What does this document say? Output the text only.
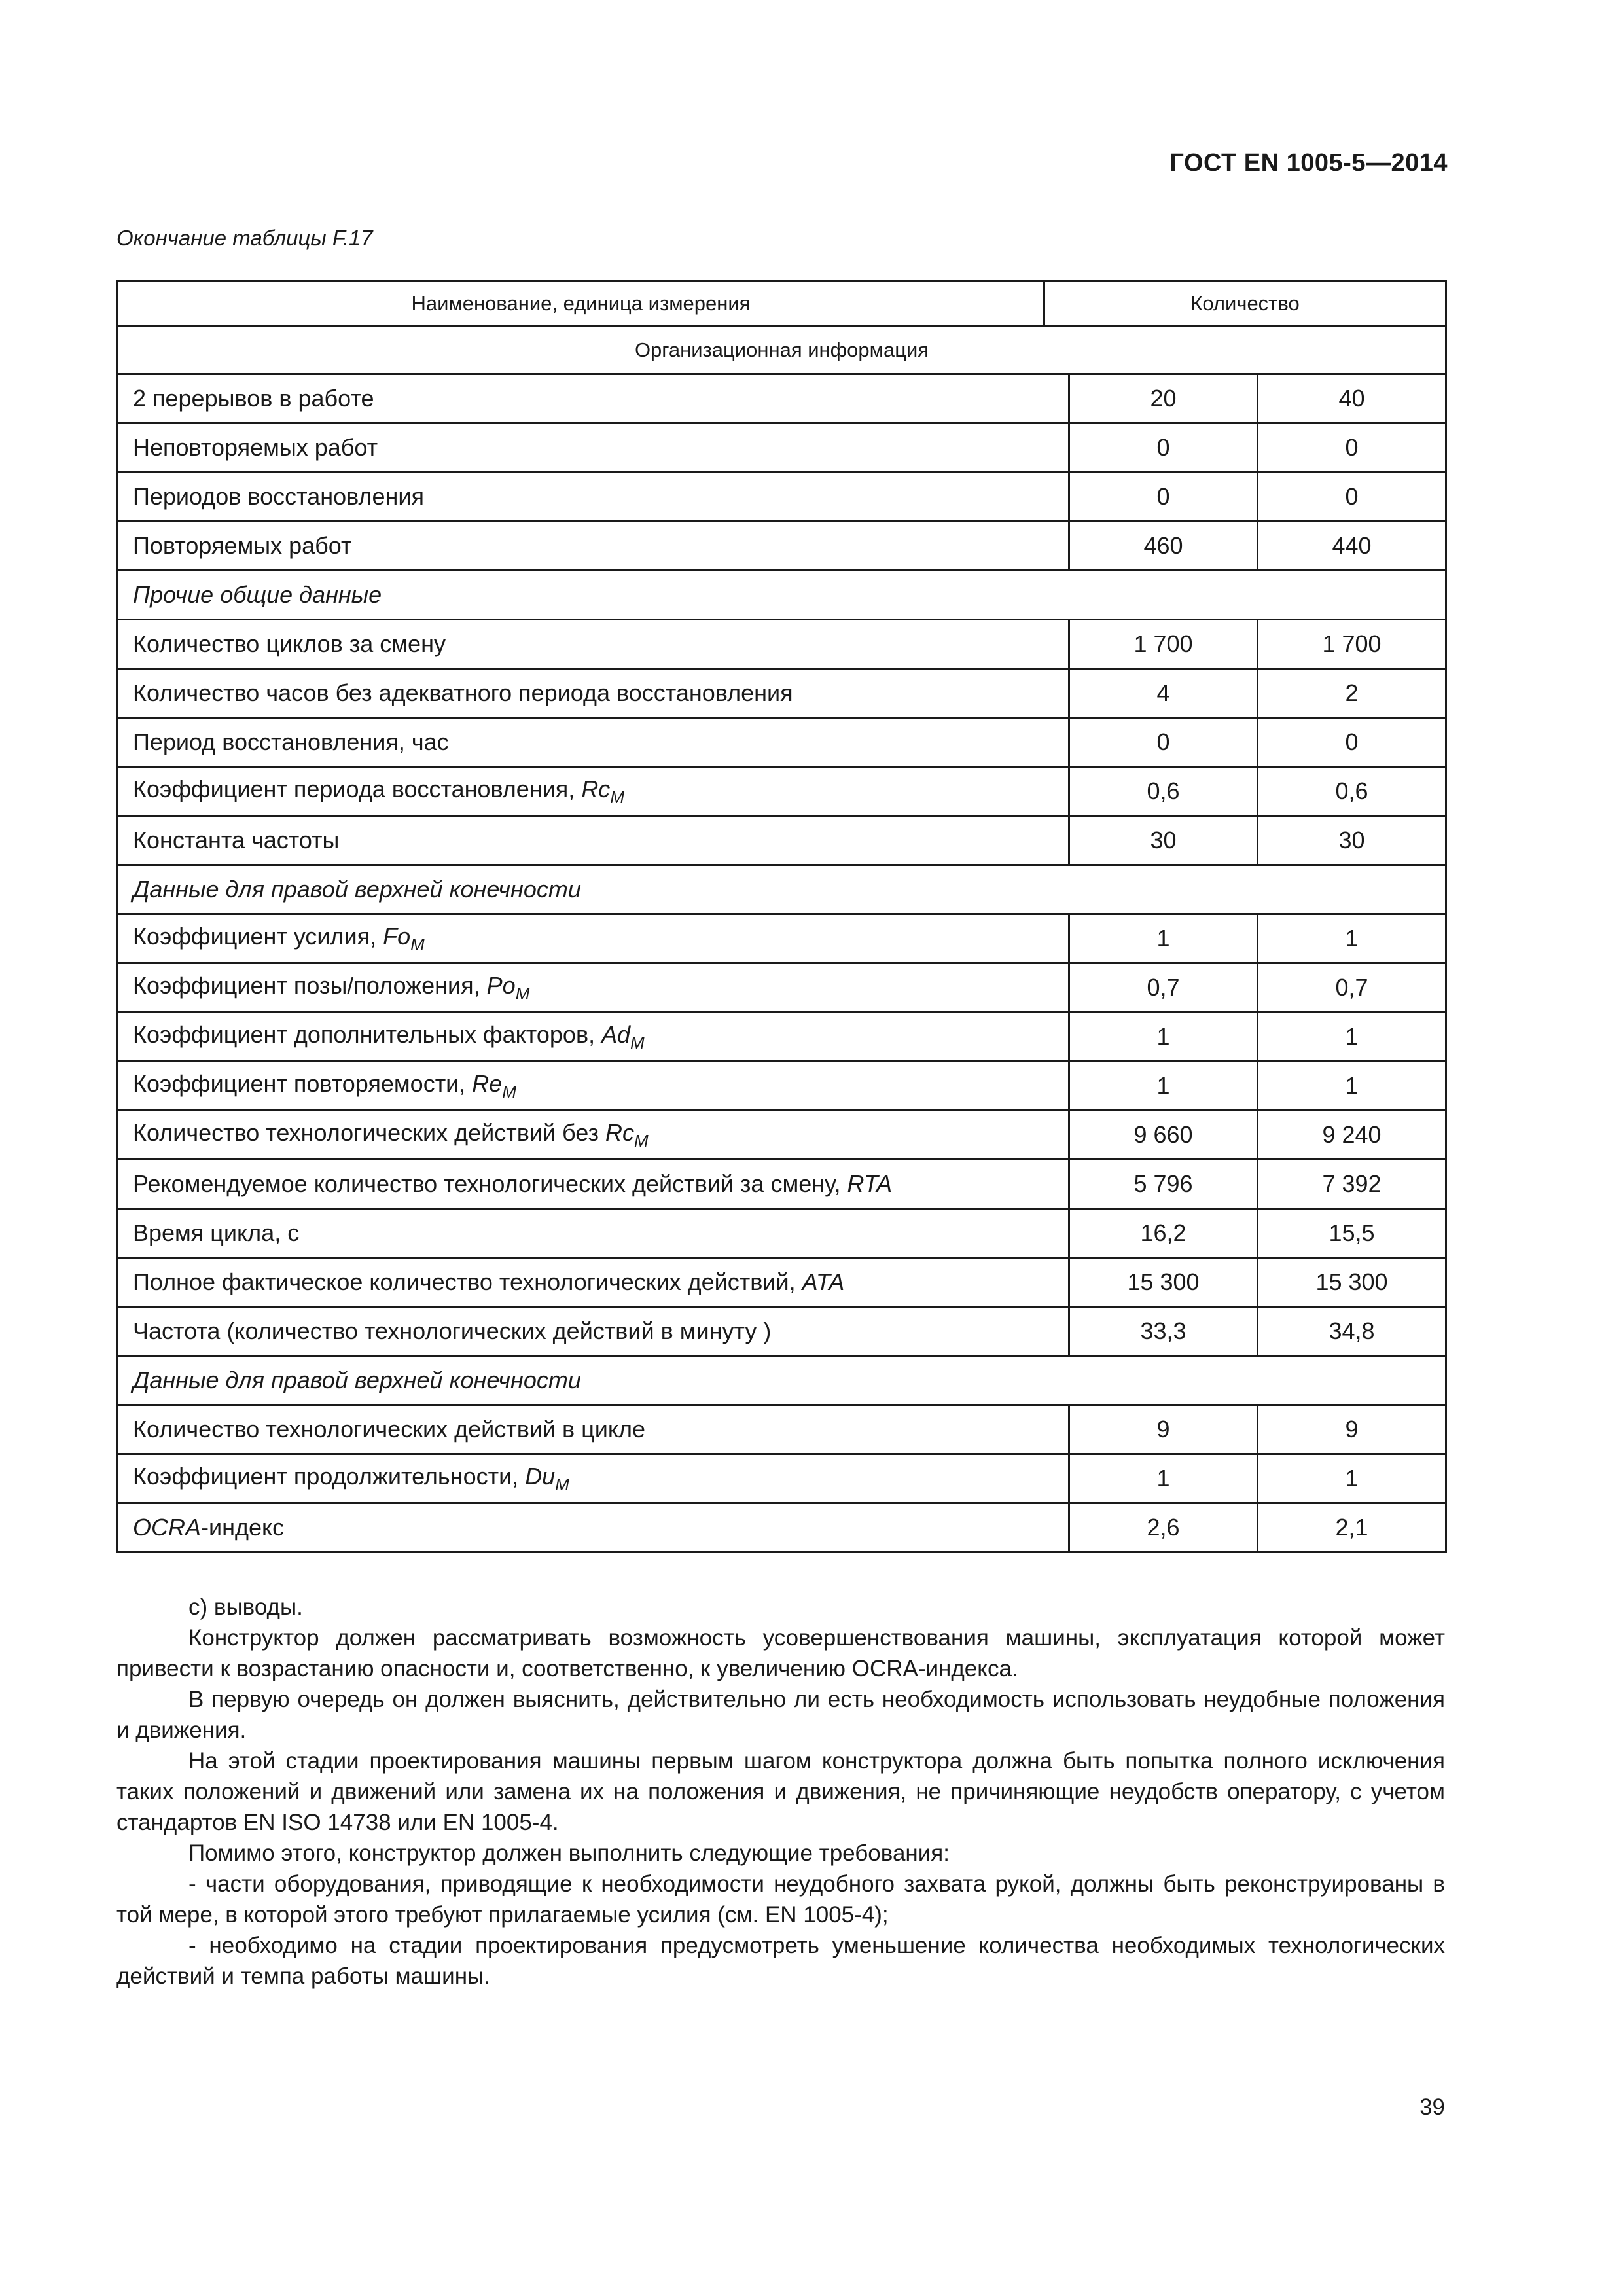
ГОСТ EN 1005-5—2014
Окончание таблицы F.17
Наименование, единица измерения	Количество		
Организационная информация			
2 перерывов в работе		20	40
Неповторяемых работ		0	0
Периодов восстановления		0	0
Повторяемых работ		460	440
Прочие общие данные			
Количество циклов за смену		1 700	1 700
Количество часов без адекватного периода восстановления		4	2
Период восстановления, час		0	0
Коэффициент периода восстановления, $Rc_M$		0,6	0,6
Константа частоты		30	30
Данные для правой верхней конечности			
Коэффициент усилия, $Fo_M$		1	1
Коэффициент позы/положения, $Po_M$		0,7	0,7
Коэффициент дополнительных факторов, $Ad_M$		1	1
Коэффициент повторяемости, $Re_M$		1	1
Количество технологических действий без $Rc_M$		9 660	9 240
Рекомендуемое количество технологических действий за смену, RTA		5 796	7 392
Время цикла, с		16,2	15,5
Полное фактическое количество технологических действий, ATA		15 300	15 300
Частота (количество технологических действий в минуту )		33,3	34,8
Данные для правой верхней конечности			
Количество технологических действий в цикле		9	9
Коэффициент продолжительности, $Du_M$		1	1
OCRA-индекс		2,6	2,1

c) выводы.

Конструктор должен рассматривать возможность усовершенствования машины, эксплуатация которой может привести к возрастанию опасности и, соответственно, к увеличению OCRA-индекса.

В первую очередь он должен выяснить, действительно ли есть необходимость использовать неудобные положения и движения.

На этой стадии проектирования машины первым шагом конструктора должна быть попытка полного исключения таких положений и движений или замена их на положения и движения, не причиняющие неудобств оператору, с учетом стандартов EN ISO 14738 или EN 1005-4.

Помимо этого, конструктор должен выполнить следующие требования:

- части оборудования, приводящие к необходимости неудобного захвата рукой, должны быть реконструированы в той мере, в которой этого требуют прилагаемые усилия (см. EN 1005-4);

- необходимо на стадии проектирования предусмотреть уменьшение количества необходимых технологических действий и темпа работы машины.

39
